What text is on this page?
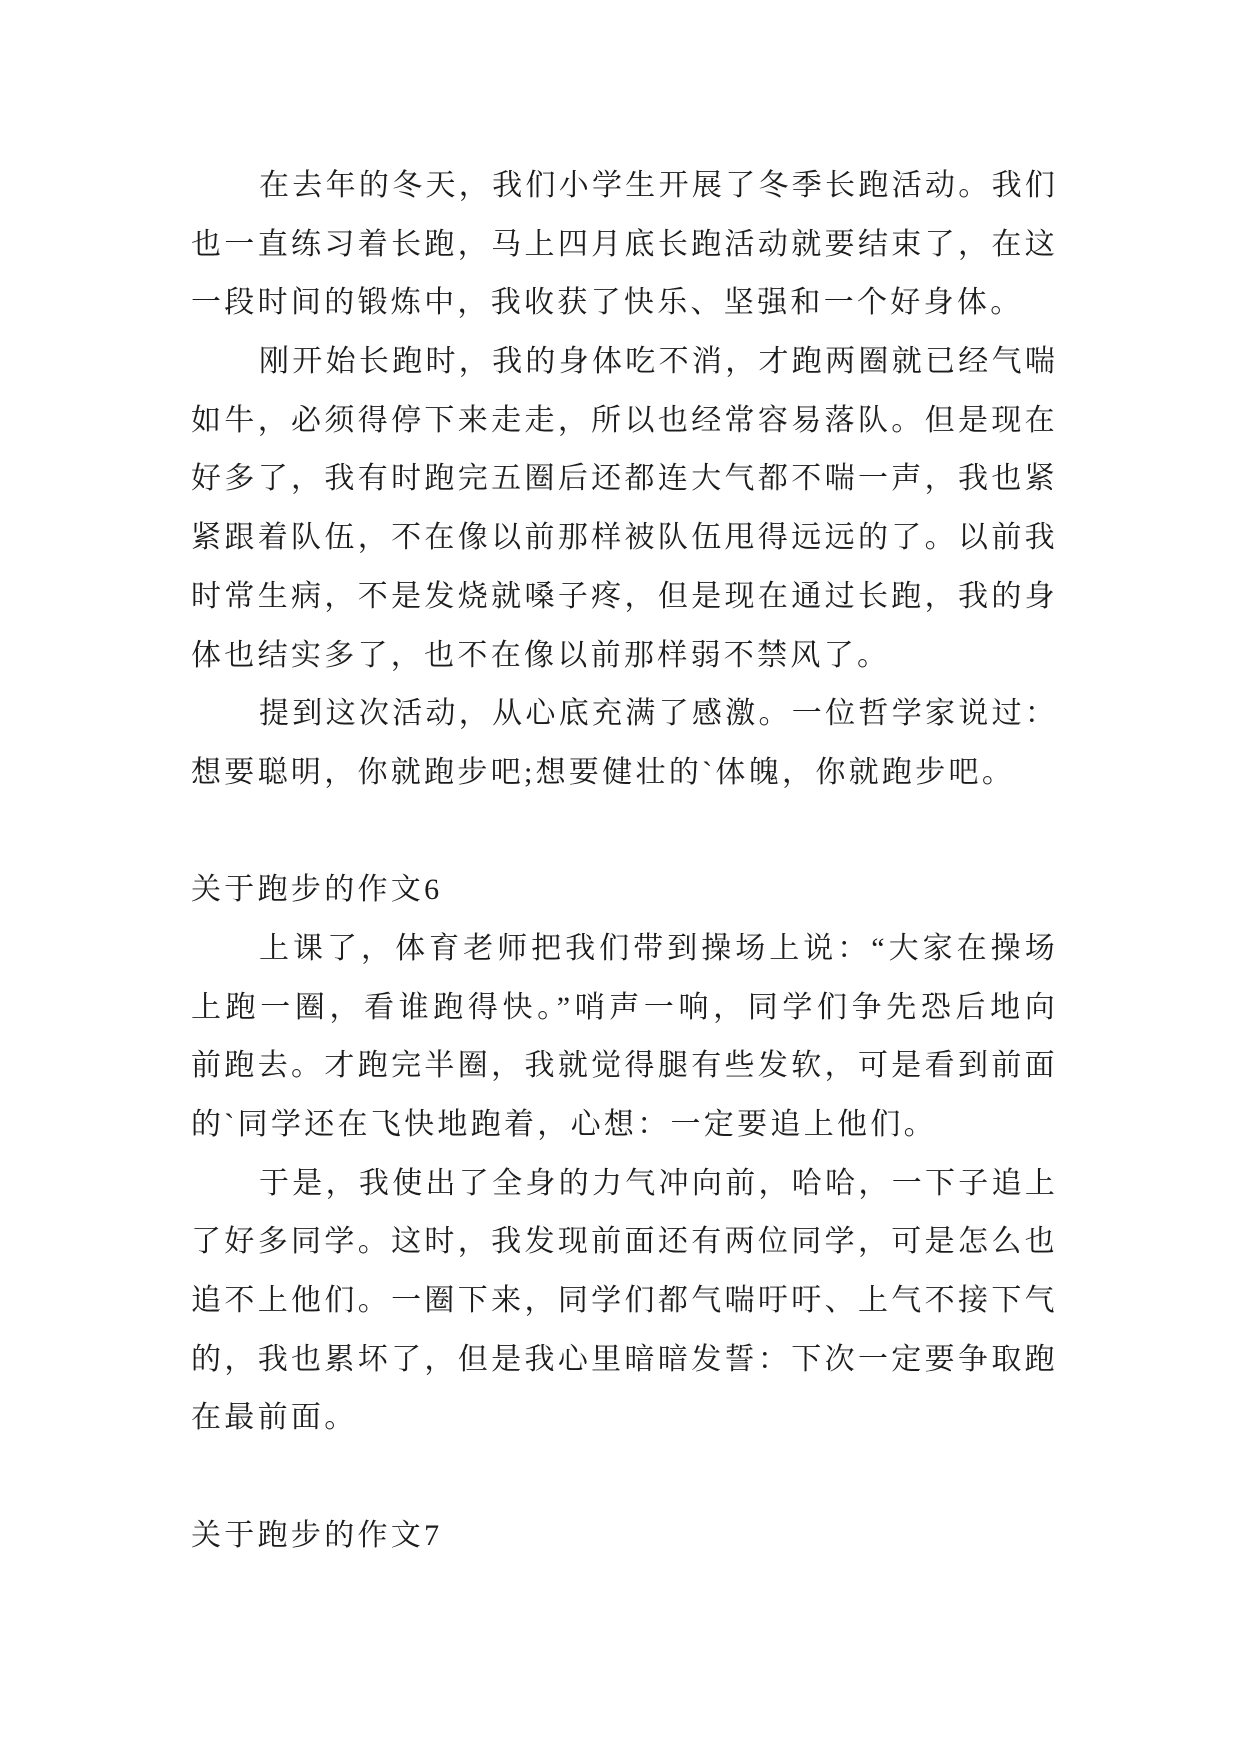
在去年的冬天，我们小学生开展了冬季长跑活动。我们
也一直练习着长跑，马上四月底长跑活动就要结束了，在这
一段时间的锻炼中，我收获了快乐、坚强和一个好身体。
刚开始长跑时，我的身体吃不消，才跑两圈就已经气喘
如牛，必须得停下来走走，所以也经常容易落队。但是现在
好多了，我有时跑完五圈后还都连大气都不喘一声，我也紧
紧跟着队伍，不在像以前那样被队伍甩得远远的了。以前我
时常生病，不是发烧就嗓子疼，但是现在通过长跑，我的身
体也结实多了，也不在像以前那样弱不禁风了。
提到这次活动，从心底充满了感激。一位哲学家说过：
想要聪明，你就跑步吧;想要健壮的`体魄，你就跑步吧。
关于跑步的作文6
上课了，体育老师把我们带到操场上说：“大家在操场
上跑一圈，看谁跑得快。”哨声一响，同学们争先恐后地向
前跑去。才跑完半圈，我就觉得腿有些发软，可是看到前面
的`同学还在飞快地跑着，心想：一定要追上他们。
于是，我使出了全身的力气冲向前，哈哈，一下子追上
了好多同学。这时，我发现前面还有两位同学，可是怎么也
追不上他们。一圈下来，同学们都气喘吁吁、上气不接下气
的，我也累坏了，但是我心里暗暗发誓：下次一定要争取跑
在最前面。
关于跑步的作文7
